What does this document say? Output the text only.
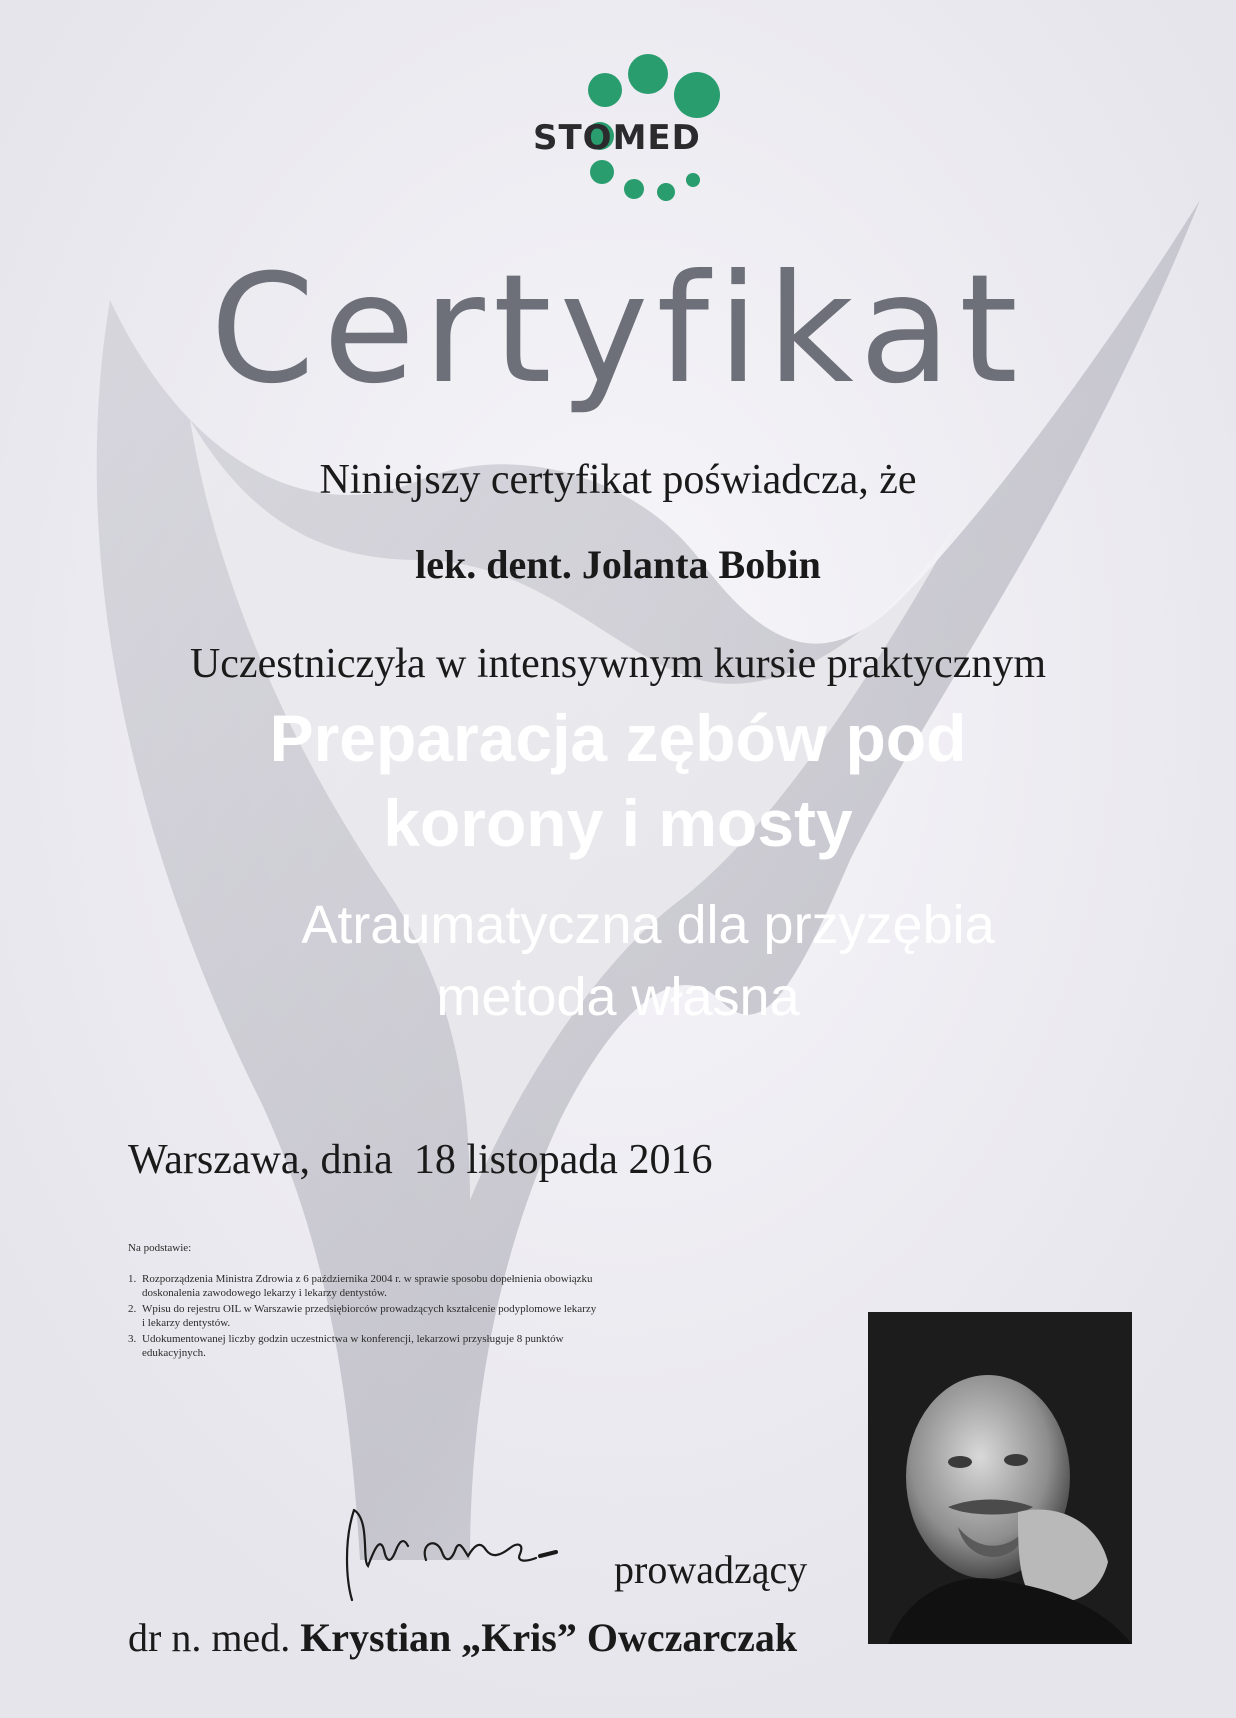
STOMED
Certyfikat
Niniejszy certyfikat poświadcza, że
lek. dent. Jolanta Bobin
Uczestniczyła w intensywnym kursie praktycznym
Preparacja zębów pod
korony i mosty
Atraumatyczna dla przyzębia
metoda własna
Warszawa, dnia  18 listopada 2016
Na podstawie:
1. Rozporządzenia Ministra Zdrowia z 6 października 2004 r. w sprawie sposobu dopełnienia obowiązku doskonalenia zawodowego lekarzy i lekarzy dentystów.
2. Wpisu do rejestru OIL w Warszawie przedsiębiorców prowadzących kształcenie podyplomowe lekarzy i lekarzy dentystów.
3. Udokumentowanej liczby godzin uczestnictwa w konferencji, lekarzowi przysługuje 8 punktów edukacyjnych.
prowadzący
dr n. med. Krystian „Kris” Owczarczak
